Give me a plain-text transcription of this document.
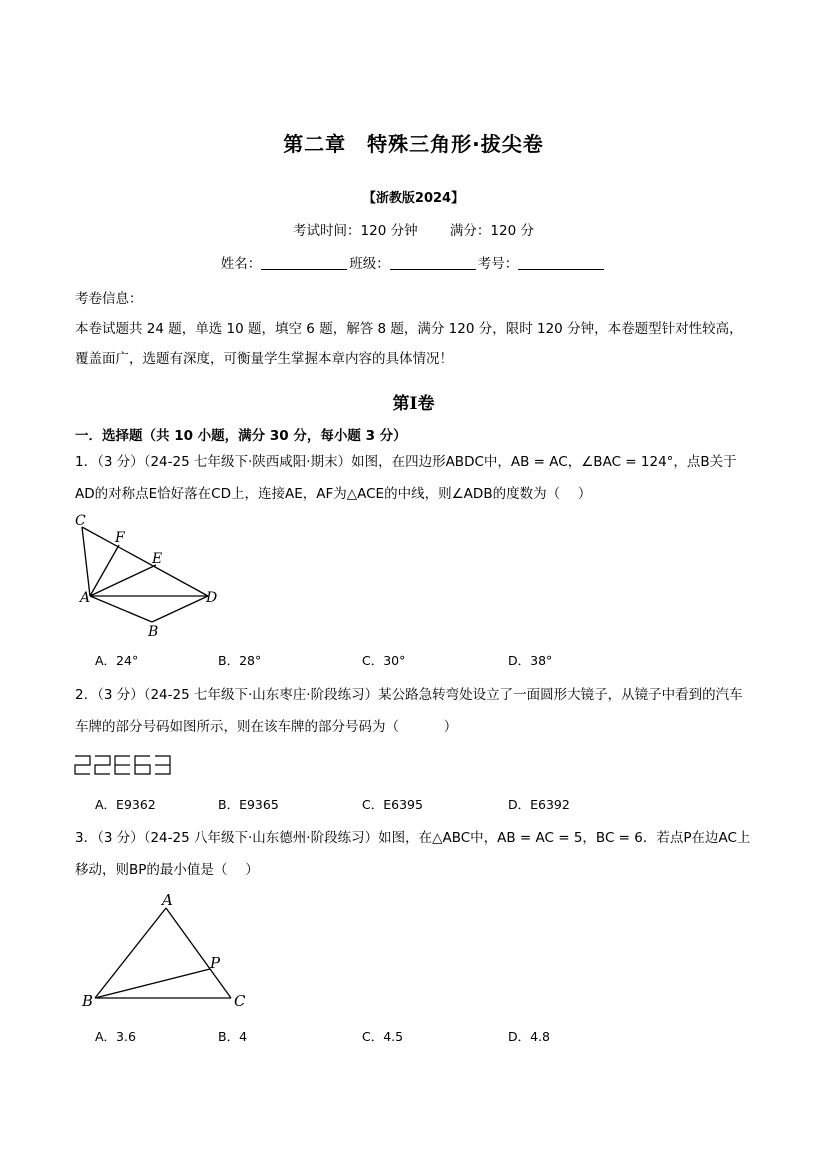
第二章　特殊三角形·拔尖卷
【浙教版2024】
考试时间：120 分钟 满分：120 分
姓名：	班级：	考号：
考卷信息：
本卷试题共 24 题，单选 10 题，填空 6 题，解答 8 题，满分 120 分，限时 120 分钟，本卷题型针对性较高，覆盖面广，选题有深度，可衡量学生掌握本章内容的具体情况！
第Ⅰ卷
一．选择题（共 10 小题，满分 30 分，每小题 3 分）
1．（3 分）（24-25 七年级下·陕西咸阳·期末）如图，在四边形ABDC中，AB = AC，∠BAC = 124°，点B关于AD的对称点E恰好落在CD上，连接AE，AF为△ACE的中线，则∠ADB的度数为（　 ）
C
F
E
A	D
B
A．24°	B．28°	C．30°	D．38°
2．（3 分）（24-25 七年级下·山东枣庄·阶段练习）某公路急转弯处设立了一面圆形大镜子，从镜子中看到的汽车车牌的部分号码如图所示，则在该车牌的部分号码为（　　　 ）
A．E9362	B．E9365	C．E6395	D．E6392
3．（3 分）（24-25 八年级下·山东德州·阶段练习）如图，在△ABC中，AB = AC = 5，BC = 6．若点P在边AC上移动，则BP的最小值是（　 ）
A
P
B	C
A．3.6	B．4	C．4.5	D．4.8
